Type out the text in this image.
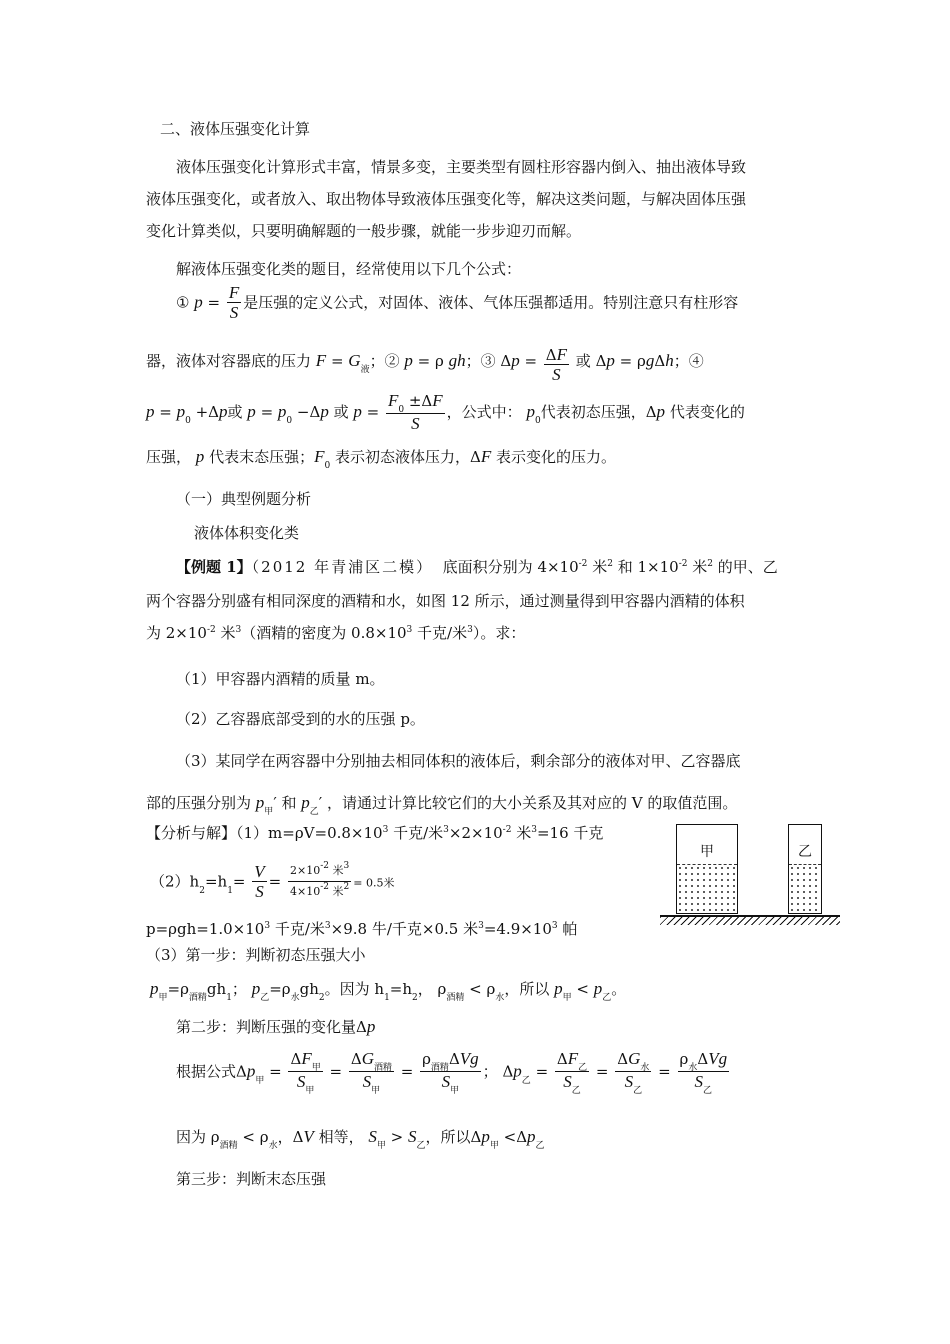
二、液体压强变化计算
液体压强变化计算形式丰富，情景多变，主要类型有圆柱形容器内倒入、抽出液体导致
液体压强变化，或者放入、取出物体导致液体压强变化等，解决这类问题，与解决固体压强
变化计算类似，只要明确解题的一般步骤，就能一步步迎刃而解。
解液体压强变化类的题目，经常使用以下几个公式：
① $p = \frac{F}{S}$ 是压强的定义公式，对固体、液体、气体压强都适用。特别注意只有柱形容
器，液体对容器底的压力 $F = G_液$；② p = ρ gh；③ $\Delta p = \frac{\Delta F}{S}$ 或 Δp = ρgΔh；④
$p = p_0 +\Delta p$或 $p = p_0 -\Delta p$ 或 $p = \frac{F_0 \pm\Delta F}{S}$ ，公式中： $p_0$代表初态压强，Δp 代表变化的
压强， p 代表末态压强；$F_0$ 表示初态液体压力，ΔF 表示变化的压力。
（一）典型例题分析
液体体积变化类
【例题 1】（2012 年青浦区二模） 底面积分别为 $4\times 10^{-2}$ 米$^2$ 和 $1\times 10^{-2}$ 米$^2$ 的甲、乙
两个容器分别盛有相同深度的酒精和水，如图 12 所示，通过测量得到甲容器内酒精的体积
为 $2\times 10^{-2}$ 米$^3$（酒精的密度为 $0.8\times 10^3$ 千克/米$^3$）。求：
（1）甲容器内酒精的质量 m。
（2）乙容器底部受到的水的压强 p。
（3）某同学在两容器中分别抽去相同体积的液体后，剩余部分的液体对甲、乙容器底
部的压强分别为 $p_甲'$ 和 $p_乙'$ ，请通过计算比较它们的大小关系及其对应的 V 的取值范围。
【分析与解】$(1)m=\rho V=0.8\times 10^3$ 千克/米$^3\times 2\times 10^{-2}$ 米$^3$=16 千克
$(2)h_2=h_1= \frac{V}{S} = \frac{2\times 10^{-2} 米^3}{4\times 10^{-2} 米^2} = 0.5$米
$p=\rho gh=1.0\times 10^3$ 千克/米$^3$×9.8 牛/千克×0.5 米$^3=4.9\times 10^3$ 帕
（3）第一步：判断初态压强大小
$p_甲=\rho_{酒精}gh_1$； $p_乙=\rho_水gh_2$。因为 $h_1=h_2$， $\rho_{酒精} < \rho_水$，所以 $p_甲 < p_乙$。
第二步：判断压强的变化量Δp
根据公式$\Delta p_甲 = \frac{\Delta F_甲}{S_甲} = \frac{\Delta G_{酒精}}{S_甲} = \frac{\rho_{酒精}\Delta Vg}{S_甲}$ ； $\Delta p_乙 = \frac{\Delta F_乙}{S_乙} = \frac{\Delta G_水}{S_乙} = \frac{\rho_水\Delta Vg}{S_乙}$
因为 $\rho_{酒精} < \rho_水$，ΔV 相等， $S_甲 > S_乙$，所以$\Delta p_甲 <\Delta p_乙$
第三步：判断末态压强
甲	乙
